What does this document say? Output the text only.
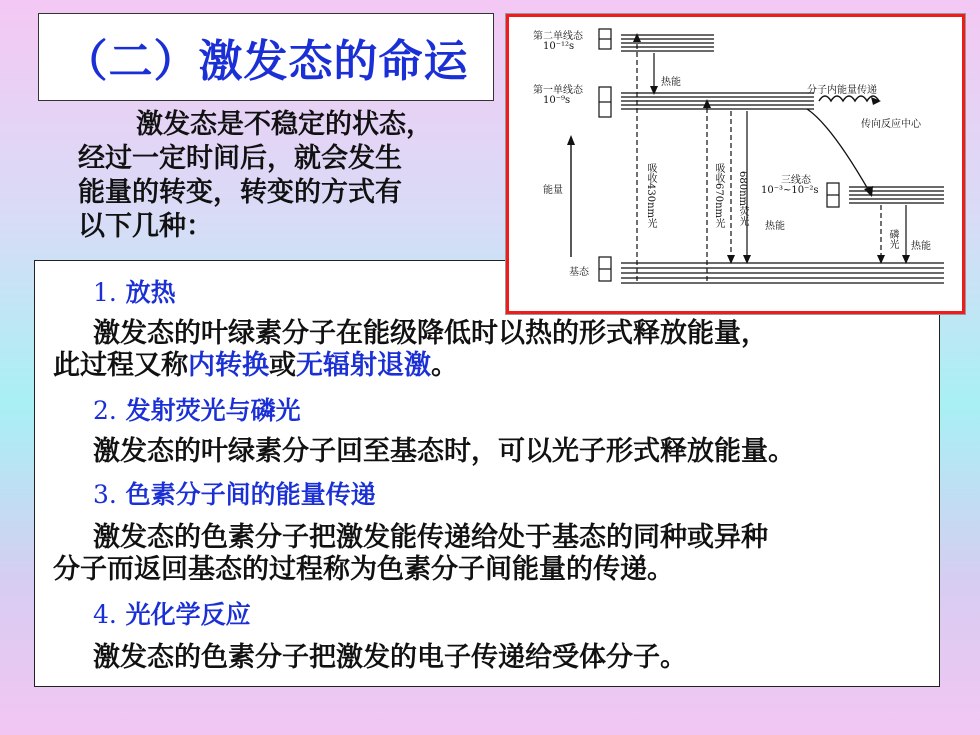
（二）激发态的命运
激发态是不稳定的状态，
经过一定时间后，就会发生
能量的转变，转变的方式有
以下几种：
1. 放热
激发态的叶绿素分子在能级降低时以热的形式释放能量，
此过程又称内转换或无辐射退激。
2. 发射荧光与磷光
激发态的叶绿素分子回至基态时，可以光子形式释放能量。
3. 色素分子间的能量传递
激发态的色素分子把激发能传递给处于基态的同种或异种
分子而返回基态的过程称为色素分子间能量的传递。
4. 光化学反应
激发态的色素分子把激发的电子传递给受体分子。
第二单线态
10⁻¹²s
第一单线态
10⁻⁹s
热能
分子内能量传递
传向反应中心
能量	吸收430nm光	吸收670nm光 680nm荧光	三线态
10⁻³~10⁻²s
热能
磷光 热能
基态
